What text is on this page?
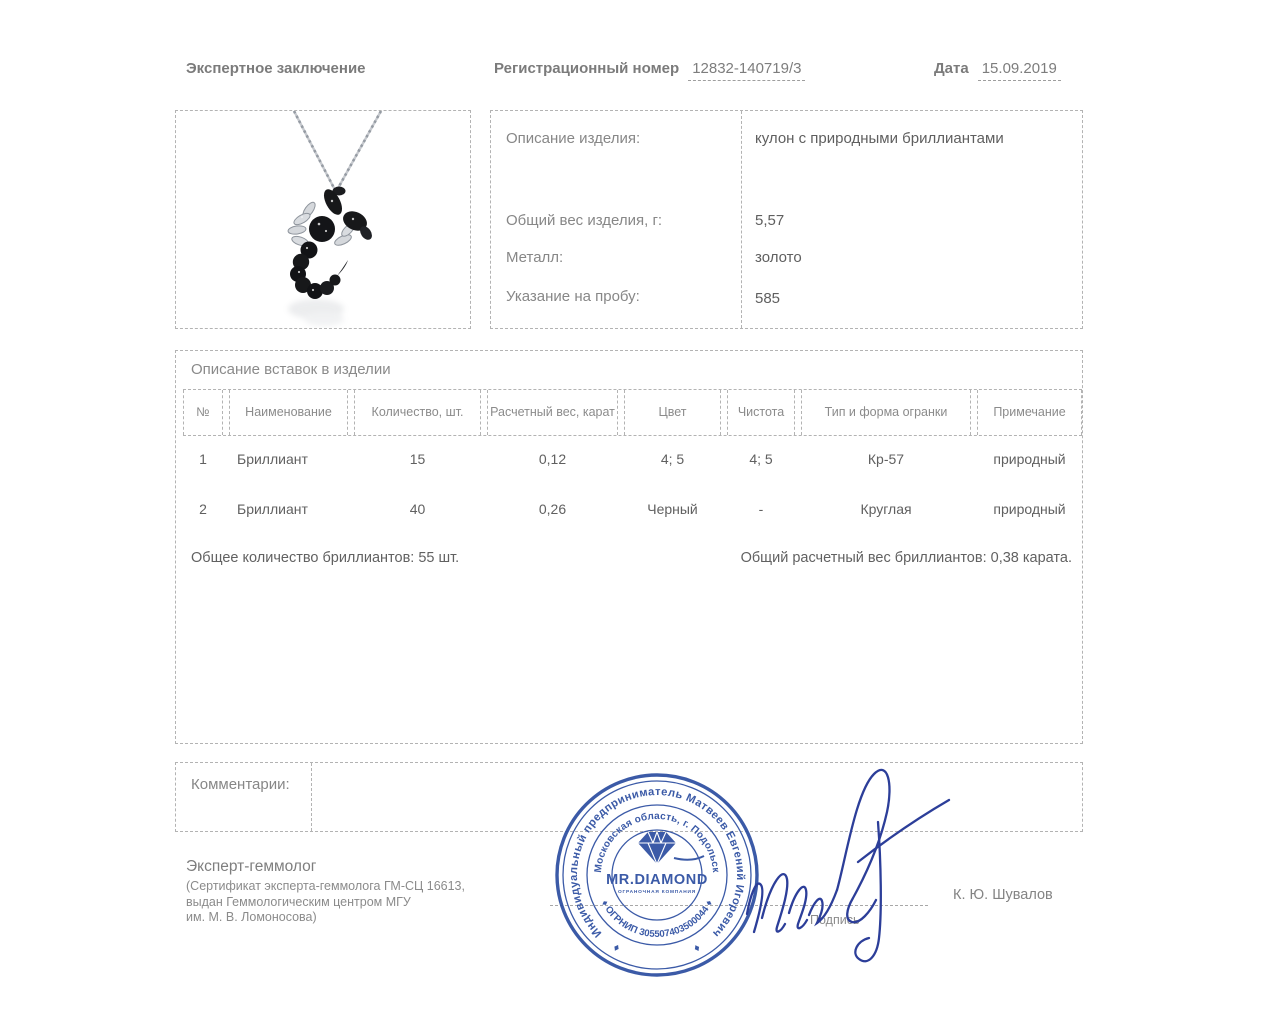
Экспертное заключение	Регистрационный номер 12832-140719/3	Дата 15.09.2019
Описание изделия:	кулон с природными бриллиантами
Общий вес изделия, г:	5,57
Металл:	золото
Указание на пробу:	585
Описание вставок в изделии
№	Наименование	Количество, шт.	Расчетный вес, карат	Цвет	Чистота	Тип и форма огранки	Примечание
1	Бриллиант	15	0,12	4; 5	4; 5	Кр-57	природный
2	Бриллиант	40	0,26	Черный	-	Круглая	природный
Общее количество бриллиантов: 55 шт.	Общий расчетный вес бриллиантов: 0,38 карата.
Комментарии:
Эксперт-геммолог
(Сертификат эксперта-геммолога ГМ-СЦ 16613,
выдан Геммологическим центром МГУ
им. М. В. Ломоносова)	Подпись
К. Ю. Шувалов
Индивидуальный предприниматель Матвеев Евгений Игоревич
♦
♦
Московская область, г. Подольск
♦ ОГРНИП 305507403500044 ♦
MR.DIAMOND
ОГРАНОЧНАЯ КОМПАНИЯ
